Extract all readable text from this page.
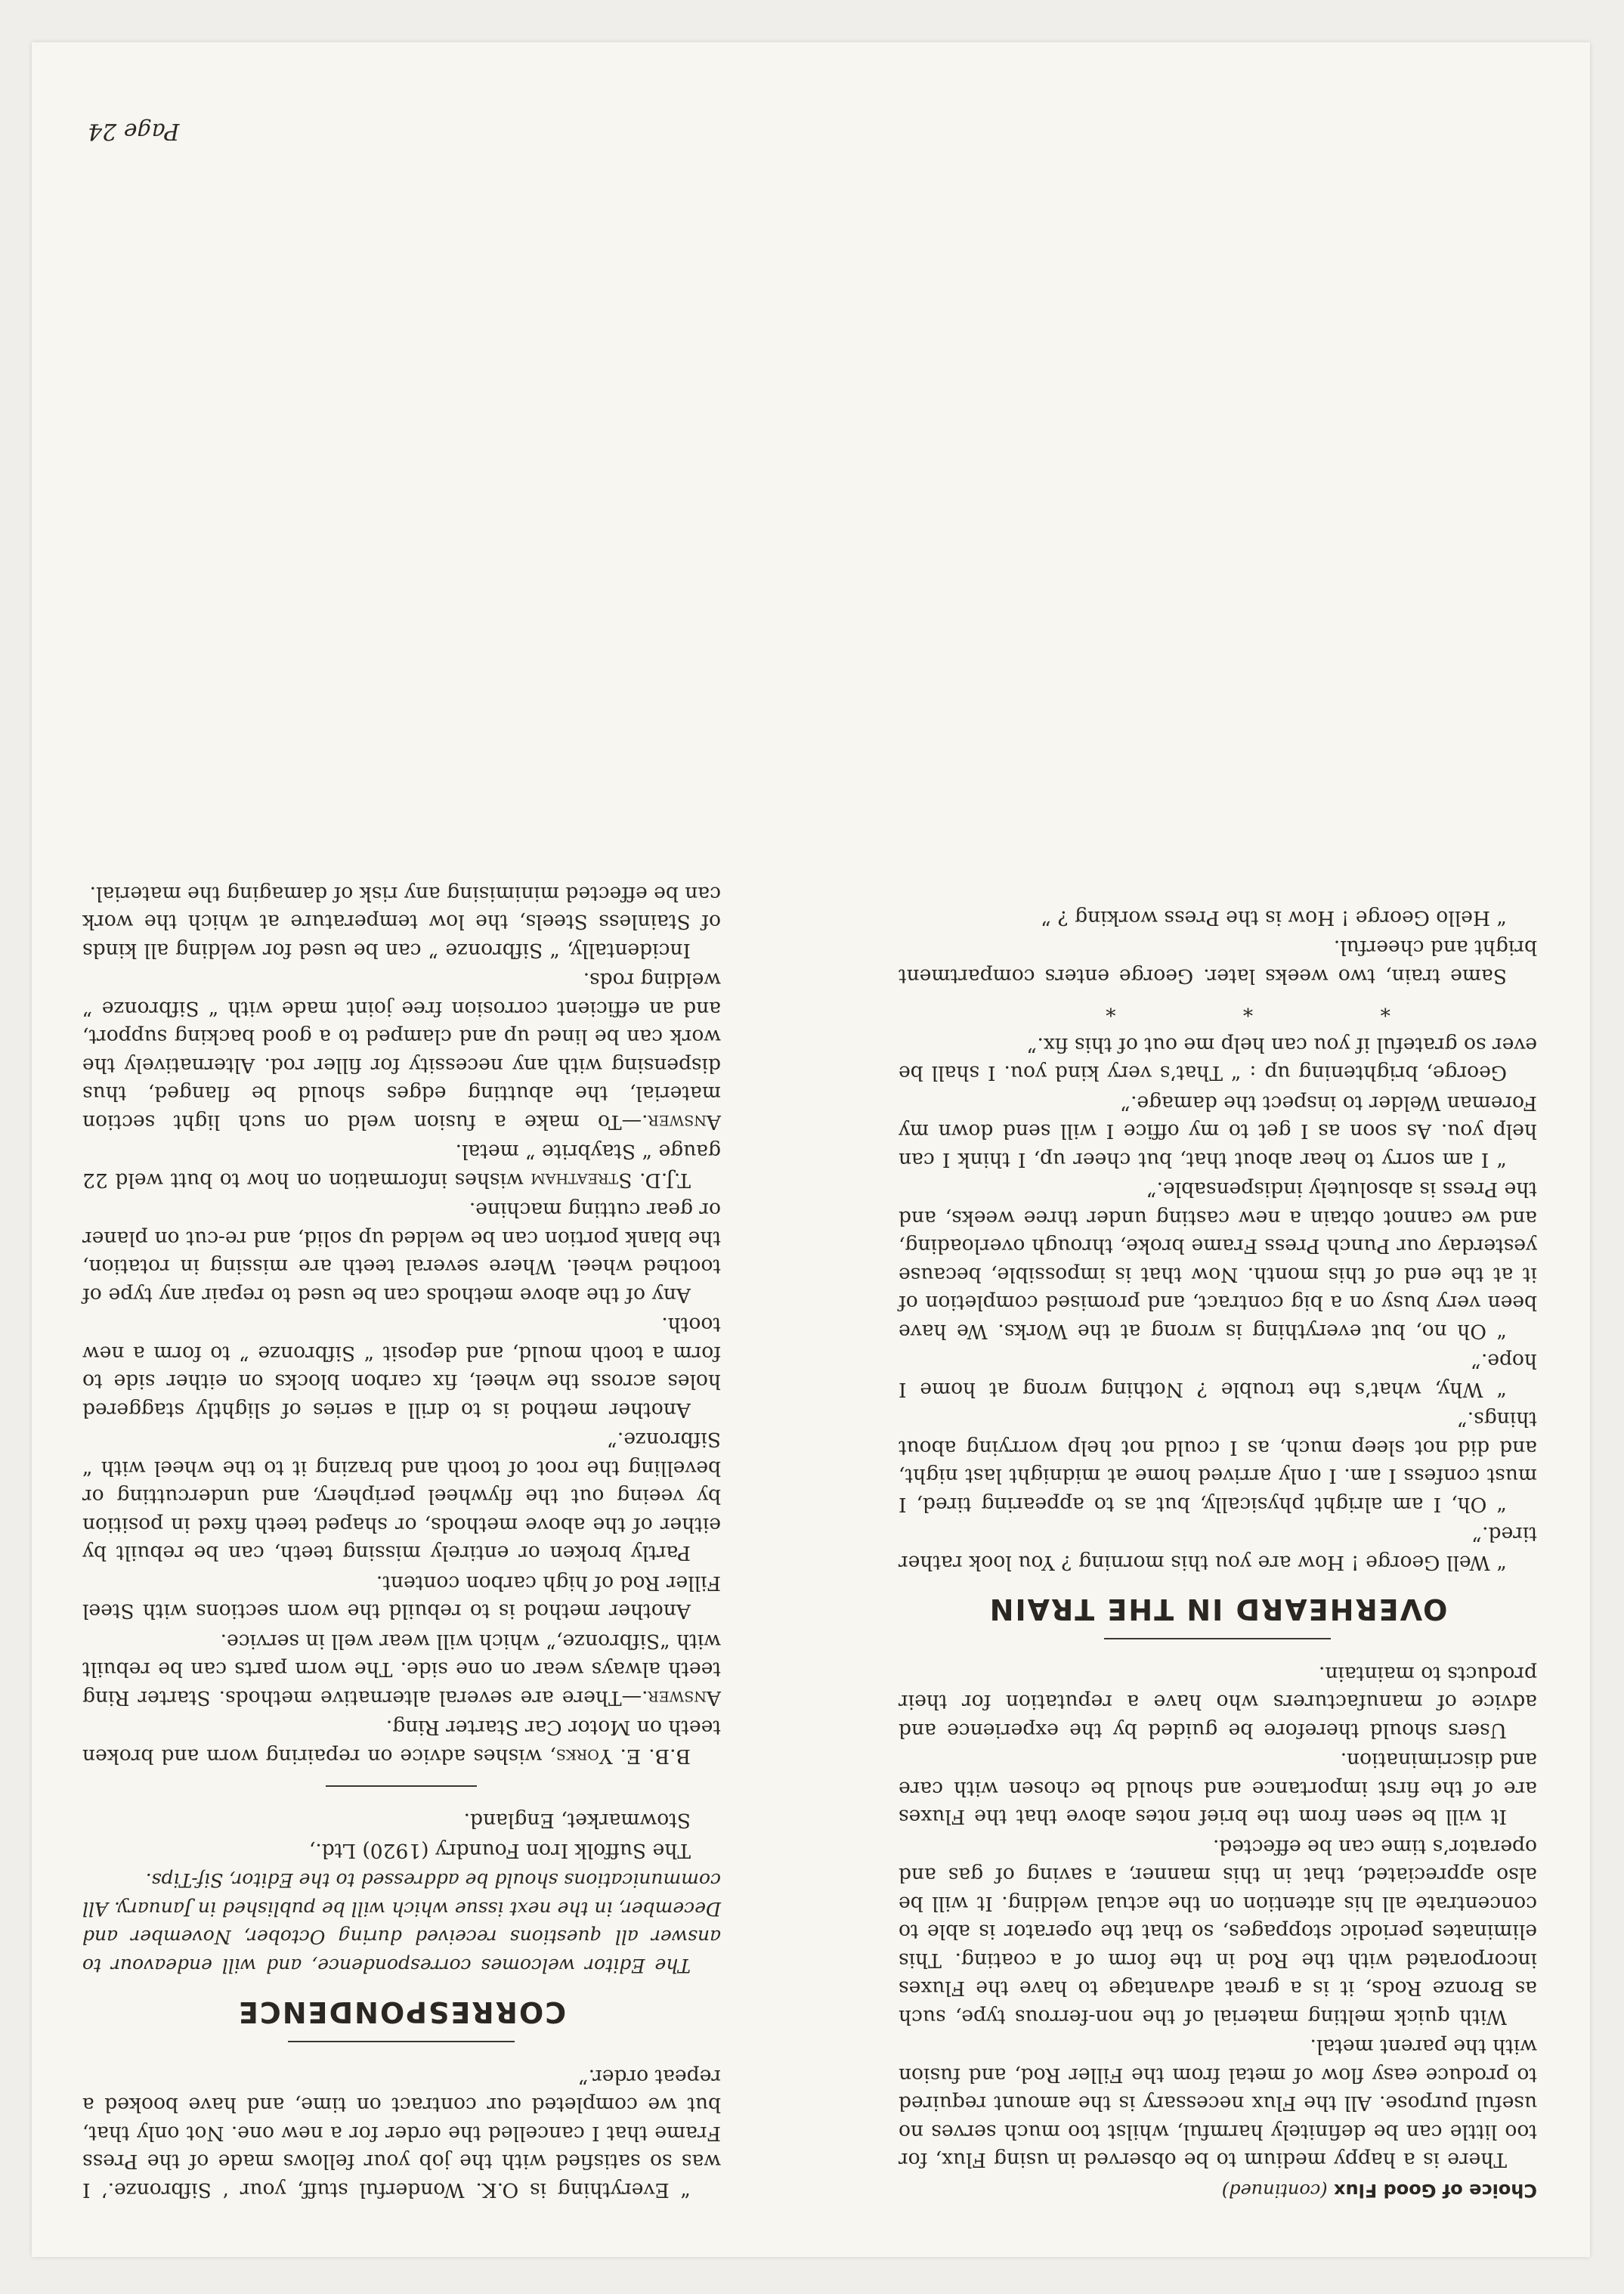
Choice of Good Flux (continued)

There is a happy medium to be observed in using Flux, for too little can be definitely harmful, whilst too much serves no useful purpose. All the Flux necessary is the amount required to produce easy flow of metal from the Filler Rod, and fusion with the parent metal.

With quick melting material of the non-ferrous type, such as Bronze Rods, it is a great advantage to have the Fluxes incorporated with the Rod in the form of a coating. This eliminates periodic stoppages, so that the operator is able to concentrate all his attention on the actual welding. It will be also appreciated, that in this manner, a saving of gas and operator’s time can be effected.

It will be seen from the brief notes above that the Fluxes are of the first importance and should be chosen with care and discrimination.

Users should therefore be guided by the experience and advice of manufacturers who have a reputation for their products to maintain.

OVERHEARD IN THE TRAIN

“ Well George ! How are you this morning ? You look rather tired.”

“ Oh, I am alright physically, but as to appearing tired, I must confess I am. I only arrived home at midnight last night, and did not sleep much, as I could not help worrying about things.”

“ Why, what’s the trouble ? Nothing wrong at home I hope.”

“ Oh no, but everything is wrong at the Works. We have been very busy on a big contract, and promised completion of it at the end of this month. Now that is impossible, because yesterday our Punch Press Frame broke, through overloading, and we cannot obtain a new casting under three weeks, and the Press is absolutely indispensable.”

“ I am sorry to hear about that, but cheer up, I think I can help you. As soon as I get to my office I will send down my Foreman Welder to inspect the damage.”

George, brightening up : “ That’s very kind you. I shall be ever so grateful if you can help me out of this fix.”

* * *

Same train, two weeks later. George enters compartment bright and cheerful.

“ Hello George ! How is the Press working ? ”

“ Everything is O.K. Wonderful stuff, your ‘ Sifbronze.’ I was so satisfied with the job your fellows made of the Press Frame that I cancelled the order for a new one. Not only that, but we completed our contract on time, and have booked a repeat order.”

CORRESPONDENCE

The Editor welcomes correspondence, and will endeavour to answer all questions received during October, November and December, in the next issue which will be published in January. All communications should be addressed to the Editor, Sif-Tips.

The Suffolk Iron Foundry (1920) Ltd.,

Stowmarket, England.

B.B. E. Yorks, wishes advice on repairing worn and broken teeth on Motor Car Starter Ring.

Answer.—There are several alternative methods. Starter Ring teeth always wear on one side. The worn parts can be rebuilt with “Sifbronze,” which will wear well in service.

Another method is to rebuild the worn sections with Steel Filler Rod of high carbon content.

Partly broken or entirely missing teeth, can be rebuilt by either of the above methods, or shaped teeth fixed in position by veeing out the flywheel periphery, and undercutting or bevelling the root of tooth and brazing it to the wheel with “ Sifbronze.”

Another method is to drill a series of slightly staggered holes across the wheel, fix carbon blocks on either side to form a tooth mould, and deposit “ Sifbronze ” to form a new tooth.

Any of the above methods can be used to repair any type of toothed wheel. Where several teeth are missing in rotation, the blank portion can be welded up solid, and re-cut on planer or gear cutting machine.

T.J.D. Streatham wishes information on how to butt weld 22 gauge “ Staybrite ” metal.

Answer.—To make a fusion weld on such light section material, the abutting edges should be flanged, thus dispensing with any necessity for filler rod. Alternatively the work can be lined up and clamped to a good backing support, and an efficient corrosion free joint made with “ Sifbronze ” welding rods.

Incidentally, “ Sifbronze ” can be used for welding all kinds of Stainless Steels, the low temperature at which the work can be effected minimising any risk of damaging the material.

Page 24
